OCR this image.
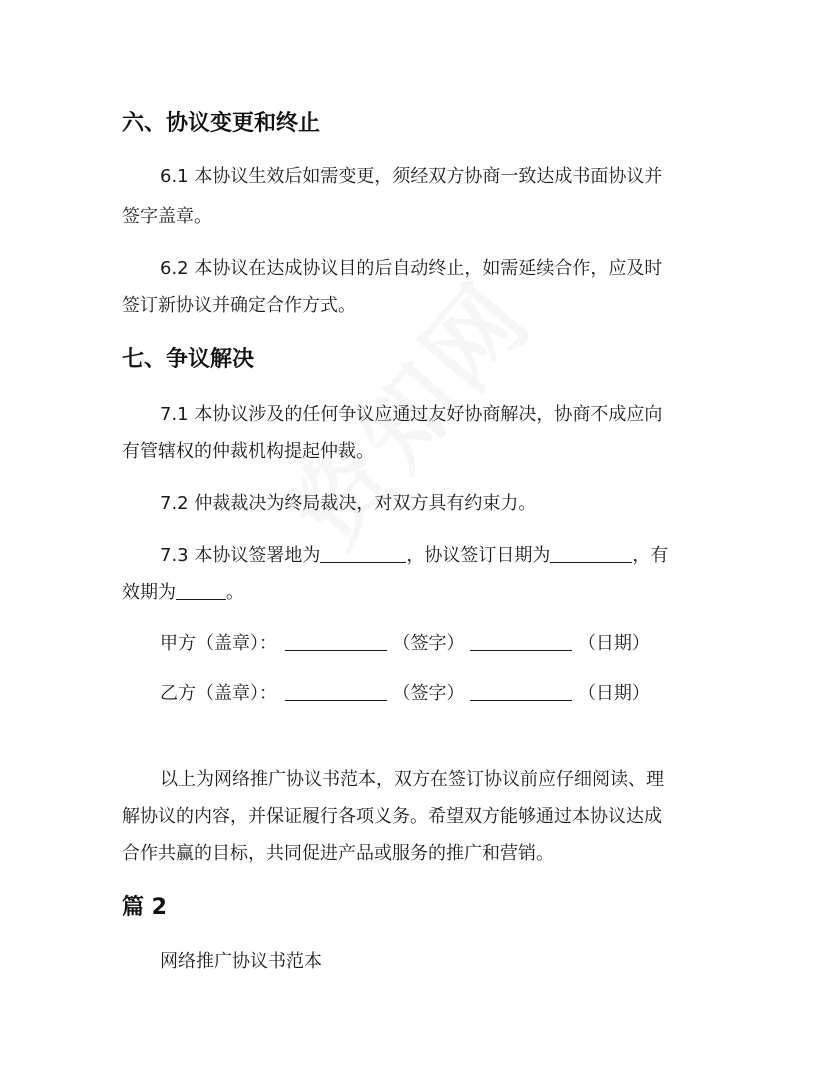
六、协议变更和终止
6.1 本协议生效后如需变更，须经双方协商一致达成书面协议并
签字盖章。
6.2 本协议在达成协议目的后自动终止，如需延续合作，应及时
签订新协议并确定合作方式。
七、争议解决
7.1 本协议涉及的任何争议应通过友好协商解决，协商不成应向
有管辖权的仲裁机构提起仲裁。
7.2 仲裁裁决为终局裁决，对双方具有约束力。
7.3 本协议签署地为	，协议签订日期为	，有
效期为	。
甲方（盖章）：	（签字）	（日期）
乙方（盖章）：	（签字）	（日期）
以上为网络推广协议书范本，双方在签订协议前应仔细阅读、理
解协议的内容，并保证履行各项义务。希望双方能够通过本协议达成
合作共赢的目标，共同促进产品或服务的推广和营销。
篇 2
网络推广协议书范本
